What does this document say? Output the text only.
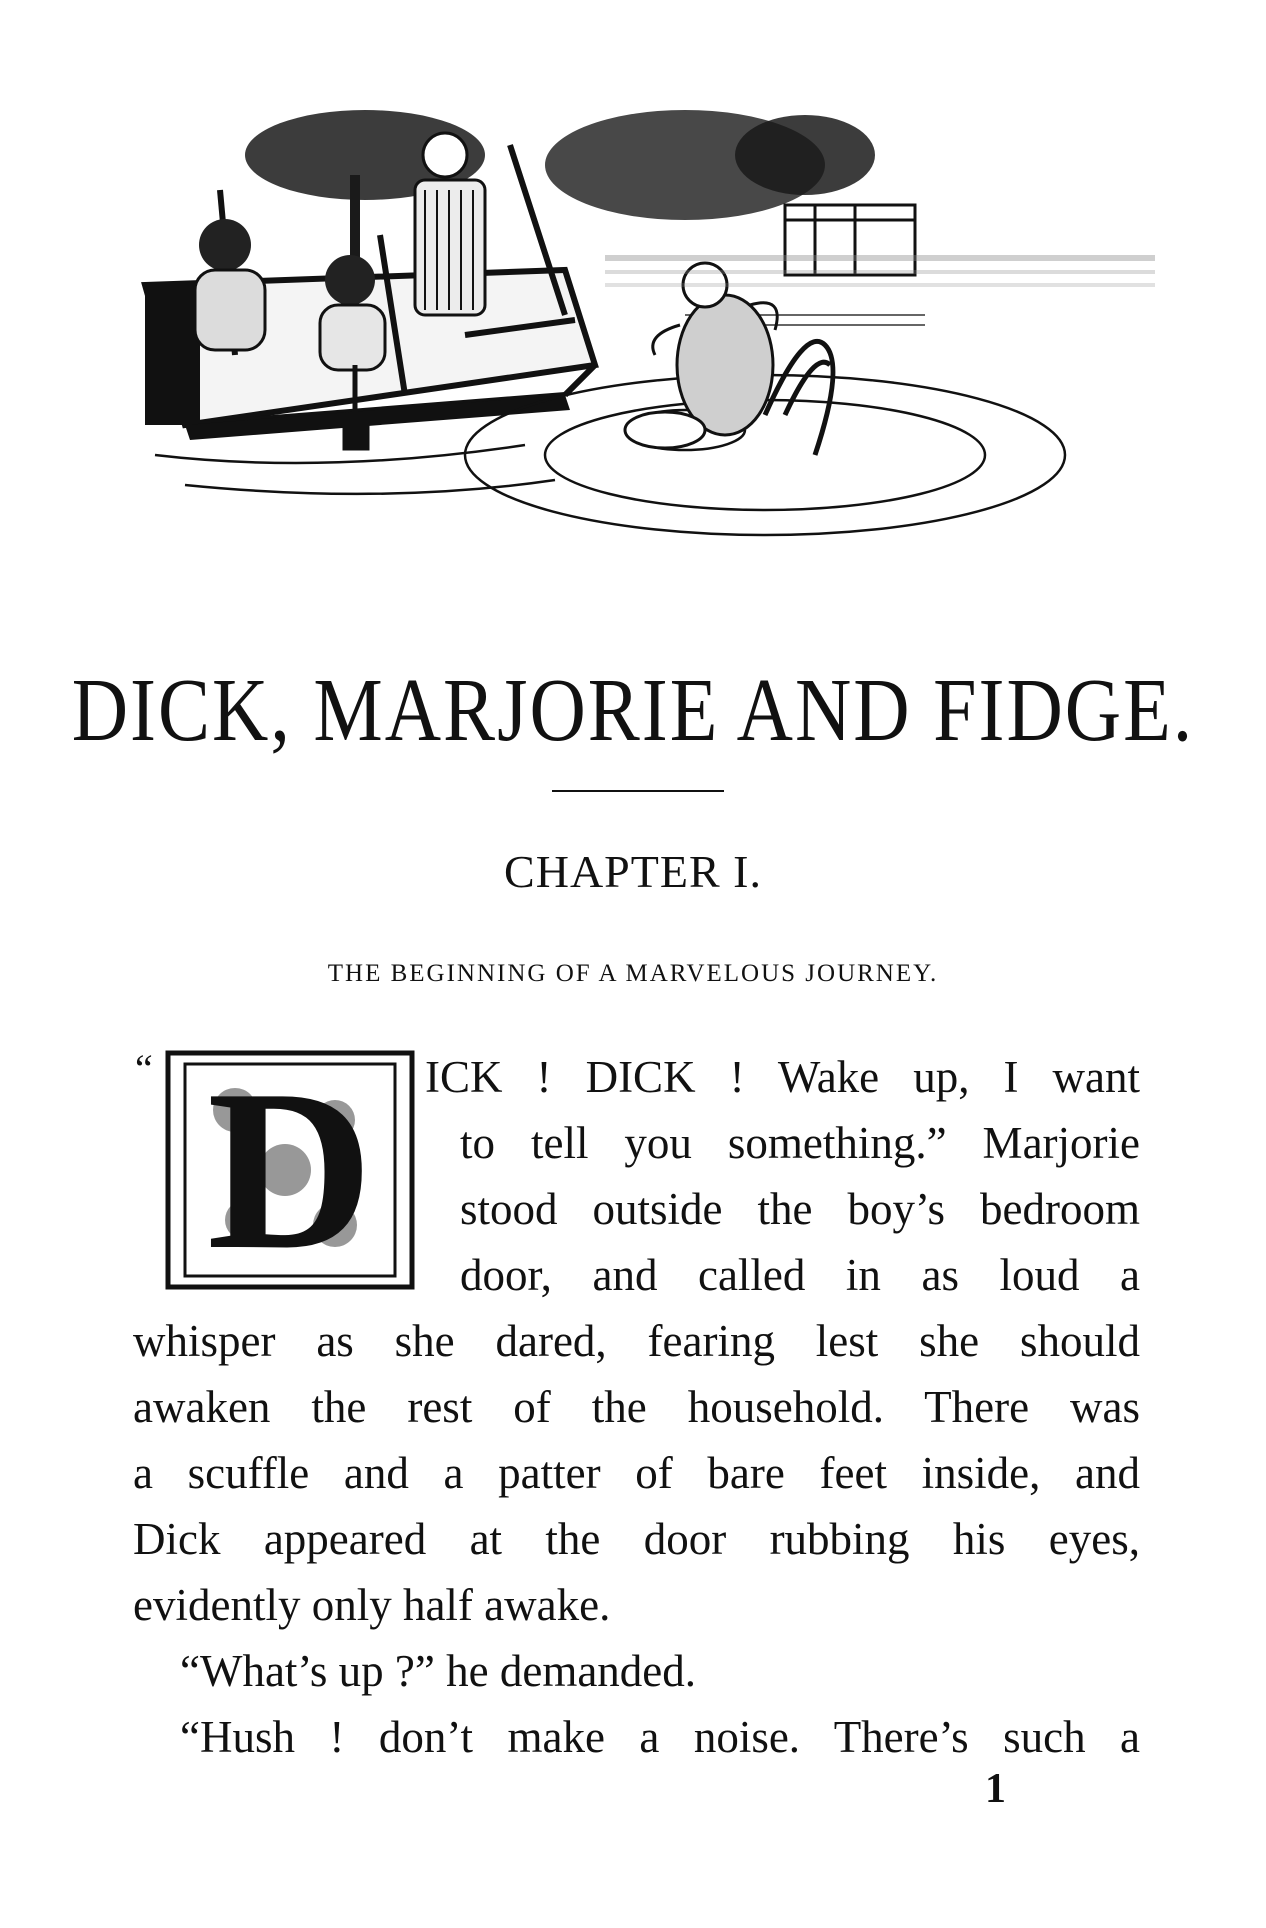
DICK, MARJORIE AND FIDGE.
CHAPTER I.
THE BEGINNING OF A MARVELOUS JOURNEY.
“ D	ICK ! DICK ! Wake up, I want
to tell you something.” Marjorie
stood outside the boy’s bedroom
door, and called in as loud a
whisper as she dared, fearing lest she should
awaken the rest of the household. There was
a scuffle and a patter of bare feet inside, and
Dick appeared at the door rubbing his eyes,
evidently only half awake.
“What’s up ?” he demanded.
“Hush ! don’t make a noise. There’s such a
1
